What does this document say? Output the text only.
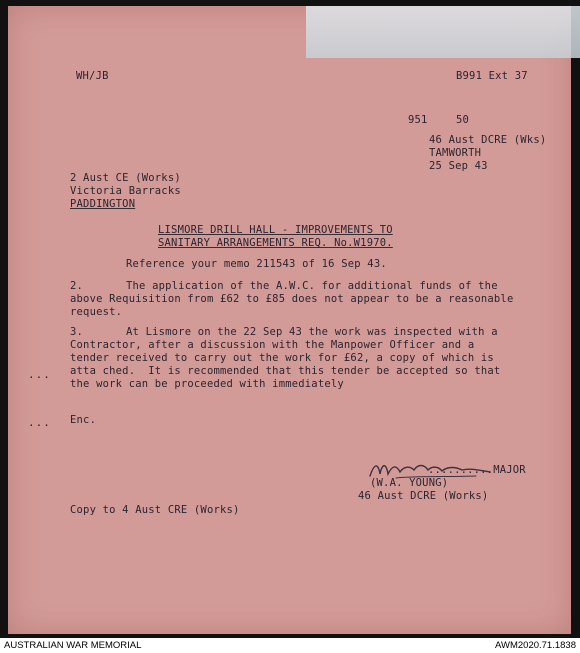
WH/JB	B991 Ext 37
951	50
46 Aust DCRE (Wks)
TAMWORTH
25 Sep 43
2 Aust CE (Works)
Victoria Barracks
PADDINGTON
LISMORE DRILL HALL - IMPROVEMENTS TO
SANITARY ARRANGEMENTS REQ. No.W1970.
Reference your memo 211543 of 16 Sep 43.
2.	The application of the A.W.C. for additional funds of the
above Requisition from £62 to £85 does not appear to be a reasonable
request.
3.	At Lismore on the 22 Sep 43 the work was inspected with a
Contractor, after a discussion with the Manpower Officer and a
tender received to carry out the work for £62, a copy of which is
atta ched.  It is recommended that this tender be accepted so that
the work can be proceeded with immediately
...
... Enc.
..........MAJOR
(W.A. YOUNG)
46 Aust DCRE (Works)
Copy to 4 Aust CRE (Works)
AUSTRALIAN WAR MEMORIAL	AWM2020.71.1838
